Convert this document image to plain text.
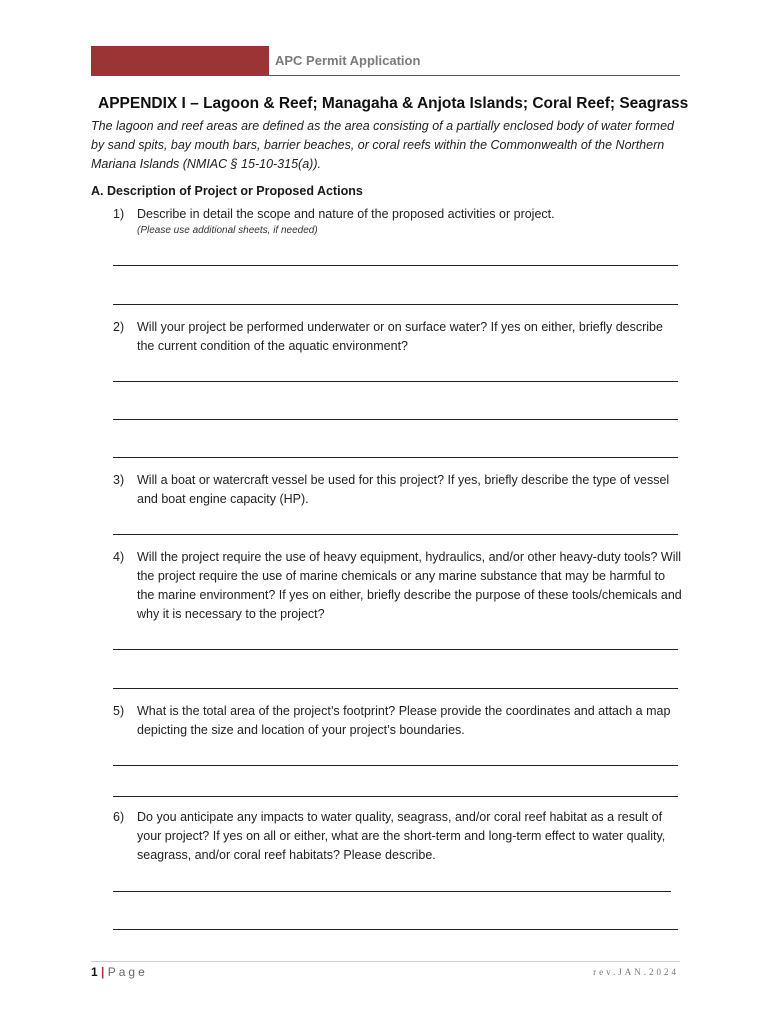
APC Permit Application
APPENDIX I – Lagoon & Reef; Managaha & Anjota Islands; Coral Reef; Seagrass
The lagoon and reef areas are defined as the area consisting of a partially enclosed body of water formed by sand spits, bay mouth bars, barrier beaches, or coral reefs within the Commonwealth of the Northern Mariana Islands (NMIAC § 15-10-315(a)).
A. Description of Project or Proposed Actions
1) Describe in detail the scope and nature of the proposed activities or project.
(Please use additional sheets, if needed)
2) Will your project be performed underwater or on surface water? If yes on either, briefly describe the current condition of the aquatic environment?
3) Will a boat or watercraft vessel be used for this project? If yes, briefly describe the type of vessel and boat engine capacity (HP).
4) Will the project require the use of heavy equipment, hydraulics, and/or other heavy-duty tools? Will the project require the use of marine chemicals or any marine substance that may be harmful to the marine environment? If yes on either, briefly describe the purpose of these tools/chemicals and why it is necessary to the project?
5) What is the total area of the project’s footprint? Please provide the coordinates and attach a map depicting the size and location of your project’s boundaries.
6) Do you anticipate any impacts to water quality, seagrass, and/or coral reef habitat as a result of your project? If yes on all or either, what are the short-term and long-term effect to water quality, seagrass, and/or coral reef habitats? Please describe.
1 | Page	rev.JAN.2024
